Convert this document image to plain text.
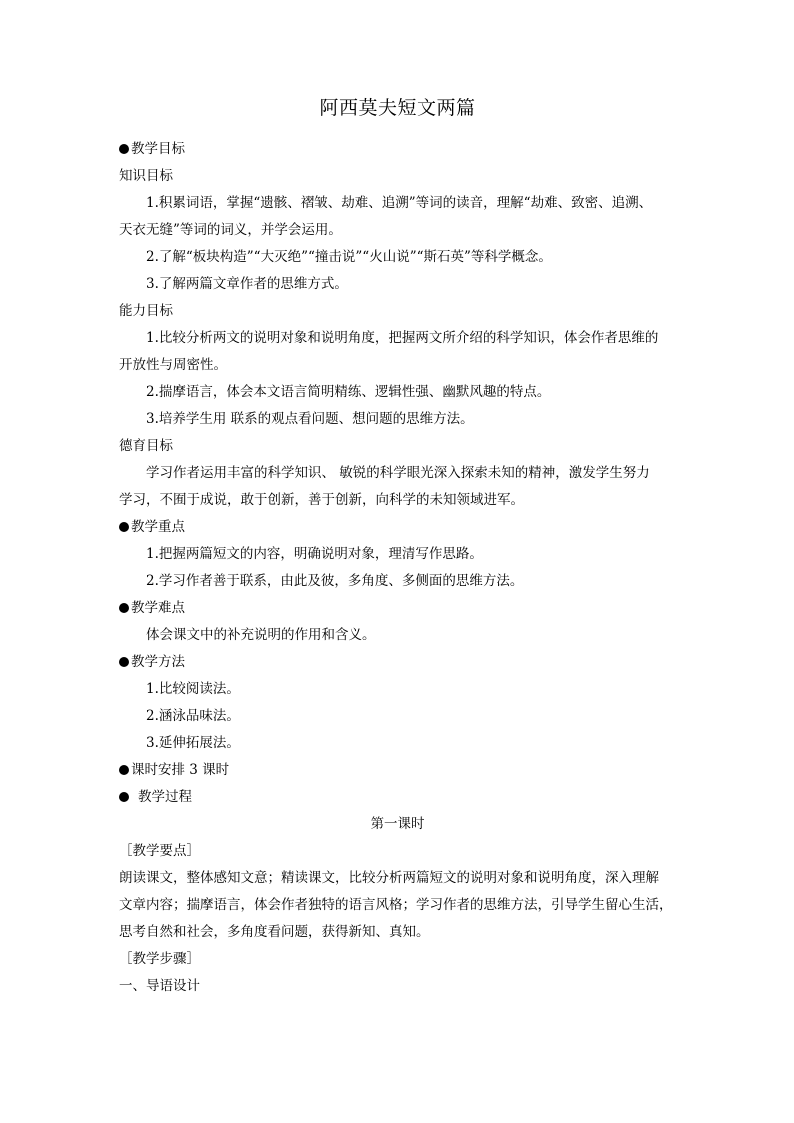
阿西莫夫短文两篇
教学目标
知识目标
1.积累词语，掌握“遗骸、褶皱、劫难、追溯”等词的读音，理解“劫难、致密、追溯、
天衣无缝”等词的词义，并学会运用。
2.了解“板块构造”“大灭绝”“撞击说”“火山说”“斯石英”等科学概念。
3.了解两篇文章作者的思维方式。
能力目标
1.比较分析两文的说明对象和说明角度，把握两文所介绍的科学知识，体会作者思维的
开放性与周密性。
2.揣摩语言，体会本文语言简明精练、逻辑性强、幽默风趣的特点。
3.培养学生用 联系的观点看问题、想问题的思维方法。
德育目标
学习作者运用丰富的科学知识、 敏锐的科学眼光深入探索未知的精神，激发学生努力
学习，不囿于成说，敢于创新，善于创新，向科学的未知领域进军。
教学重点
1.把握两篇短文的内容，明确说明对象，理清写作思路。
2.学习作者善于联系，由此及彼，多角度、多侧面的思维方法。
教学难点
体会课文中的补充说明的作用和含义。
教学方法
1.比较阅读法。
2.涵泳品味法。
3.延伸拓展法。
课时安排 3 课时
教学过程
第一课时
［教学要点］
朗读课文，整体感知文意；精读课文，比较分析两篇短文的说明对象和说明角度，深入理解
文章内容；揣摩语言，体会作者独特的语言风格；学习作者的思维方法，引导学生留心生活，
思考自然和社会，多角度看问题，获得新知、真知。
［教学步骤］
一、导语设计
